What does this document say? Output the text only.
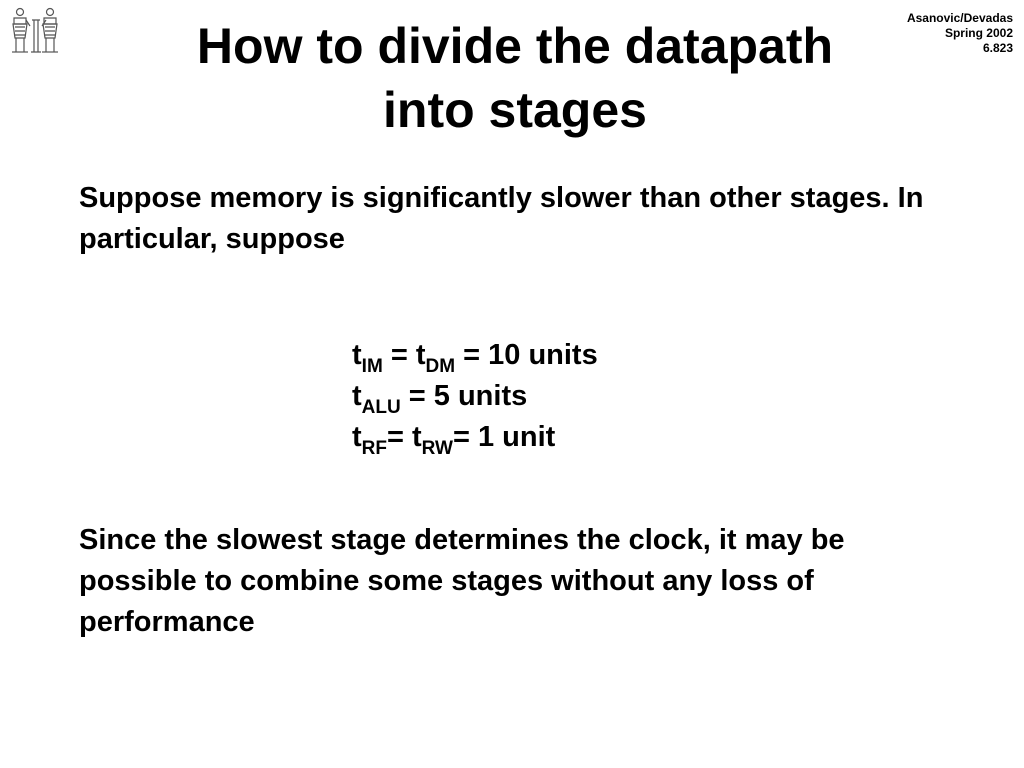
Asanovic/Devadas
Spring 2002
6.823
How to divide the datapath
into stages

Suppose memory is significantly slower than other stages. In particular, suppose

$t_{IM} = t_{DM} = 10$ units
$t_{ALU} = 5$ units
$t_{RF}= t_{RW}= 1$ unit

Since the slowest stage determines the clock, it may be possible to combine some stages without any loss of performance
